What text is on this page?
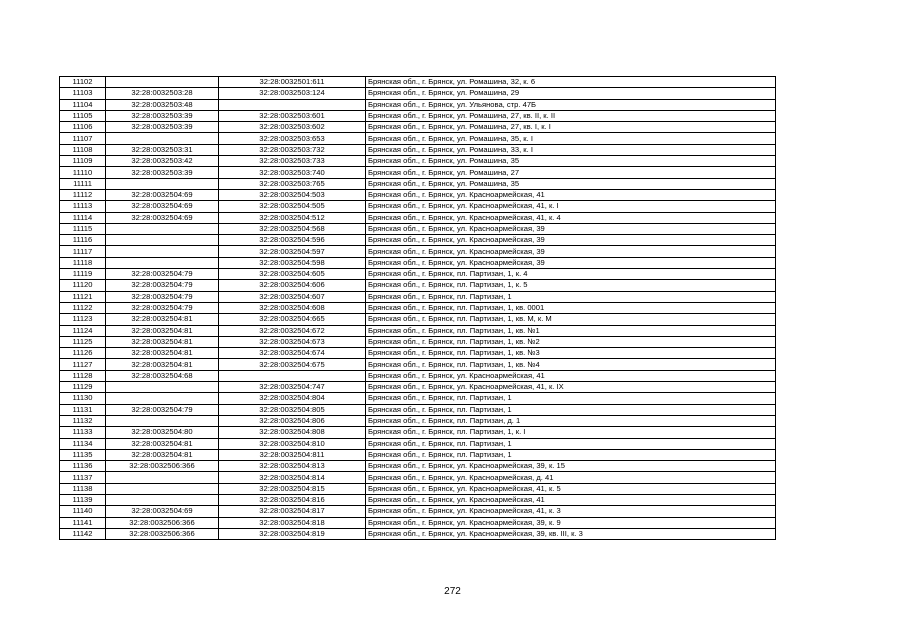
11102		32:28:0032501:611	Брянская обл., г. Брянск, ул. Ромашина, 32, к. 6
11103	32:28:0032503:28	32:28:0032503:124	Брянская обл., г. Брянск, ул. Ромашина, 29
11104	32:28:0032503:48		Брянская обл., г. Брянск, ул. Ульянова, стр. 47Б
11105	32:28:0032503:39	32:28:0032503:601	Брянская обл., г. Брянск, ул. Ромашина, 27, кв. II, к. II
11106	32:28:0032503:39	32:28:0032503:602	Брянская обл., г. Брянск, ул. Ромашина, 27, кв. I, к. I
11107		32:28:0032503:653	Брянская обл., г. Брянск, ул. Ромашина, 35, к. I
11108	32:28:0032503:31	32:28:0032503:732	Брянская обл., г. Брянск, ул. Ромашина, 33, к. I
11109	32:28:0032503:42	32:28:0032503:733	Брянская обл., г. Брянск, ул. Ромашина, 35
11110	32:28:0032503:39	32:28:0032503:740	Брянская обл., г. Брянск, ул. Ромашина, 27
11111		32:28:0032503:765	Брянская обл., г. Брянск, ул. Ромашина, 35
11112	32:28:0032504:69	32:28:0032504:503	Брянская обл., г. Брянск, ул. Красноармейская, 41
11113	32:28:0032504:69	32:28:0032504:505	Брянская обл., г. Брянск, ул. Красноармейская, 41, к. I
11114	32:28:0032504:69	32:28:0032504:512	Брянская обл., г. Брянск, ул. Красноармейская, 41, к. 4
11115		32:28:0032504:568	Брянская обл., г. Брянск, ул. Красноармейская, 39
11116		32:28:0032504:596	Брянская обл., г. Брянск, ул. Красноармейская, 39
11117		32:28:0032504:597	Брянская обл., г. Брянск, ул. Красноармейская, 39
11118		32:28:0032504:598	Брянская обл., г. Брянск, ул. Красноармейская, 39
11119	32:28:0032504:79	32:28:0032504:605	Брянская обл., г. Брянск, пл. Партизан, 1, к. 4
11120	32:28:0032504:79	32:28:0032504:606	Брянская обл., г. Брянск, пл. Партизан, 1, к. 5
11121	32:28:0032504:79	32:28:0032504:607	Брянская обл., г. Брянск, пл. Партизан, 1
11122	32:28:0032504:79	32:28:0032504:608	Брянская обл., г. Брянск, пл. Партизан, 1, кв. 0001
11123	32:28:0032504:81	32:28:0032504:665	Брянская обл., г. Брянск, пл. Партизан, 1, кв. М, к. М
11124	32:28:0032504:81	32:28:0032504:672	Брянская обл., г. Брянск, пл. Партизан, 1, кв. №1
11125	32:28:0032504:81	32:28:0032504:673	Брянская обл., г. Брянск, пл. Партизан, 1, кв. №2
11126	32:28:0032504:81	32:28:0032504:674	Брянская обл., г. Брянск, пл. Партизан, 1, кв. №3
11127	32:28:0032504:81	32:28:0032504:675	Брянская обл., г. Брянск, пл. Партизан, 1, кв. №4
11128	32:28:0032504:68		Брянская обл., г. Брянск, ул. Красноармейская, 41
11129		32:28:0032504:747	Брянская обл., г. Брянск, ул. Красноармейская, 41, к. IX
11130		32:28:0032504:804	Брянская обл., г. Брянск, пл. Партизан, 1
11131	32:28:0032504:79	32:28:0032504:805	Брянская обл., г. Брянск, пл. Партизан, 1
11132		32:28:0032504:806	Брянская обл., г. Брянск, пл. Партизан, д. 1
11133	32:28:0032504:80	32:28:0032504:808	Брянская обл., г. Брянск, пл. Партизан, 1, к. I
11134	32:28:0032504:81	32:28:0032504:810	Брянская обл., г. Брянск, пл. Партизан, 1
11135	32:28:0032504:81	32:28:0032504:811	Брянская обл., г. Брянск, пл. Партизан, 1
11136	32:28:0032506:366	32:28:0032504:813	Брянская обл., г. Брянск, ул. Красноармейская, 39, к. 15
11137		32:28:0032504:814	Брянская обл., г. Брянск, ул. Красноармейская, д. 41
11138		32:28:0032504:815	Брянская обл., г. Брянск, ул. Красноармейская, 41, к. 5
11139		32:28:0032504:816	Брянская обл., г. Брянск, ул. Красноармейская, 41
11140	32:28:0032504:69	32:28:0032504:817	Брянская обл., г. Брянск, ул. Красноармейская, 41, к. 3
11141	32:28:0032506:366	32:28:0032504:818	Брянская обл., г. Брянск, ул. Красноармейская, 39, к. 9
11142	32:28:0032506:366	32:28:0032504:819	Брянская обл., г. Брянск, ул. Красноармейская, 39, кв. III, к. 3
272
